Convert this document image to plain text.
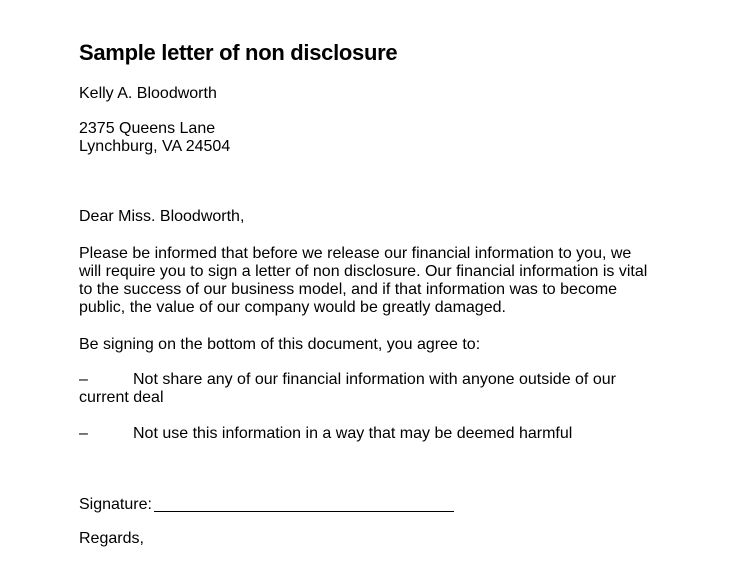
Sample letter of non disclosure
Kelly A. Bloodworth
2375 Queens Lane
Lynchburg, VA 24504
Dear Miss. Bloodworth,
Please be informed that before we release our financial information to you, we
will require you to sign a letter of non disclosure. Our financial information is vital
to the success of our business model, and if that information was to become
public, the value of our company would be greatly damaged.
Be signing on the bottom of this document, you agree to:
–	Not share any of our financial information with anyone outside of our
current deal
–	Not use this information in a way that may be deemed harmful
Signature:
Regards,
